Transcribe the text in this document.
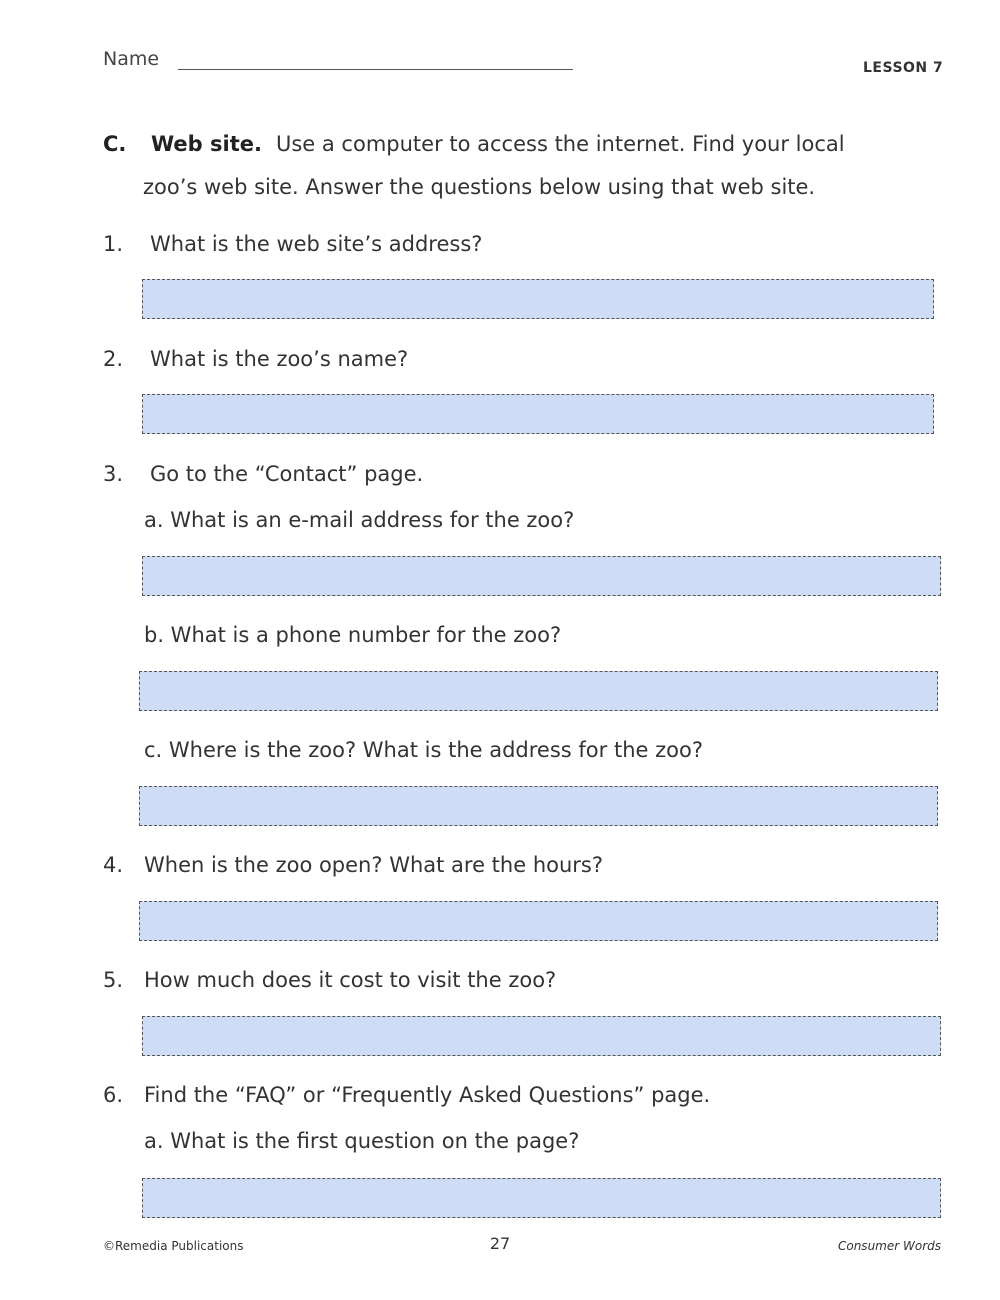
Name	LESSON 7
C. Web site. Use a computer to access the internet. Find your local
zoo’s web site. Answer the questions below using that web site.
1. What is the web site’s address?
2. What is the zoo’s name?
3. Go to the “Contact” page.
a. What is an e-mail address for the zoo?
b. What is a phone number for the zoo?
c. Where is the zoo? What is the address for the zoo?
4. When is the zoo open? What are the hours?
5. How much does it cost to visit the zoo?
6. Find the “FAQ” or “Frequently Asked Questions” page.
a. What is the first question on the page?
©Remedia Publications	27	Consumer Words
